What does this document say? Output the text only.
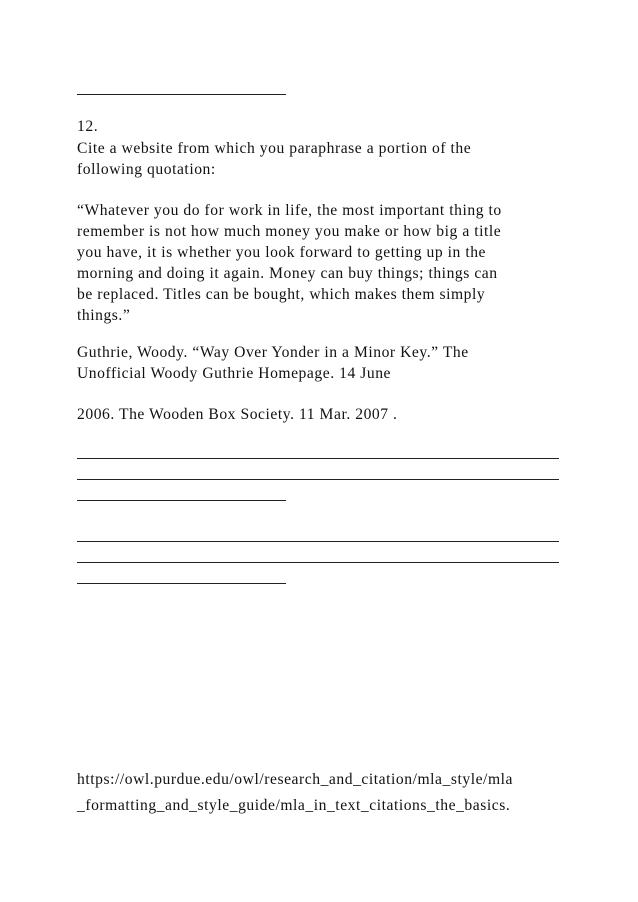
12.
Cite a website from which you paraphrase a portion of the
following quotation:
“Whatever you do for work in life, the most important thing to
remember is not how much money you make or how big a title
you have, it is whether you look forward to getting up in the
morning and doing it again. Money can buy things; things can
be replaced. Titles can be bought, which makes them simply
things.”
Guthrie, Woody. “Way Over Yonder in a Minor Key.” The
Unofficial Woody Guthrie Homepage. 14 June
2006. The Wooden Box Society. 11 Mar. 2007 .
https://owl.purdue.edu/owl/research_and_citation/mla_style/mla
_formatting_and_style_guide/mla_in_text_citations_the_basics.
